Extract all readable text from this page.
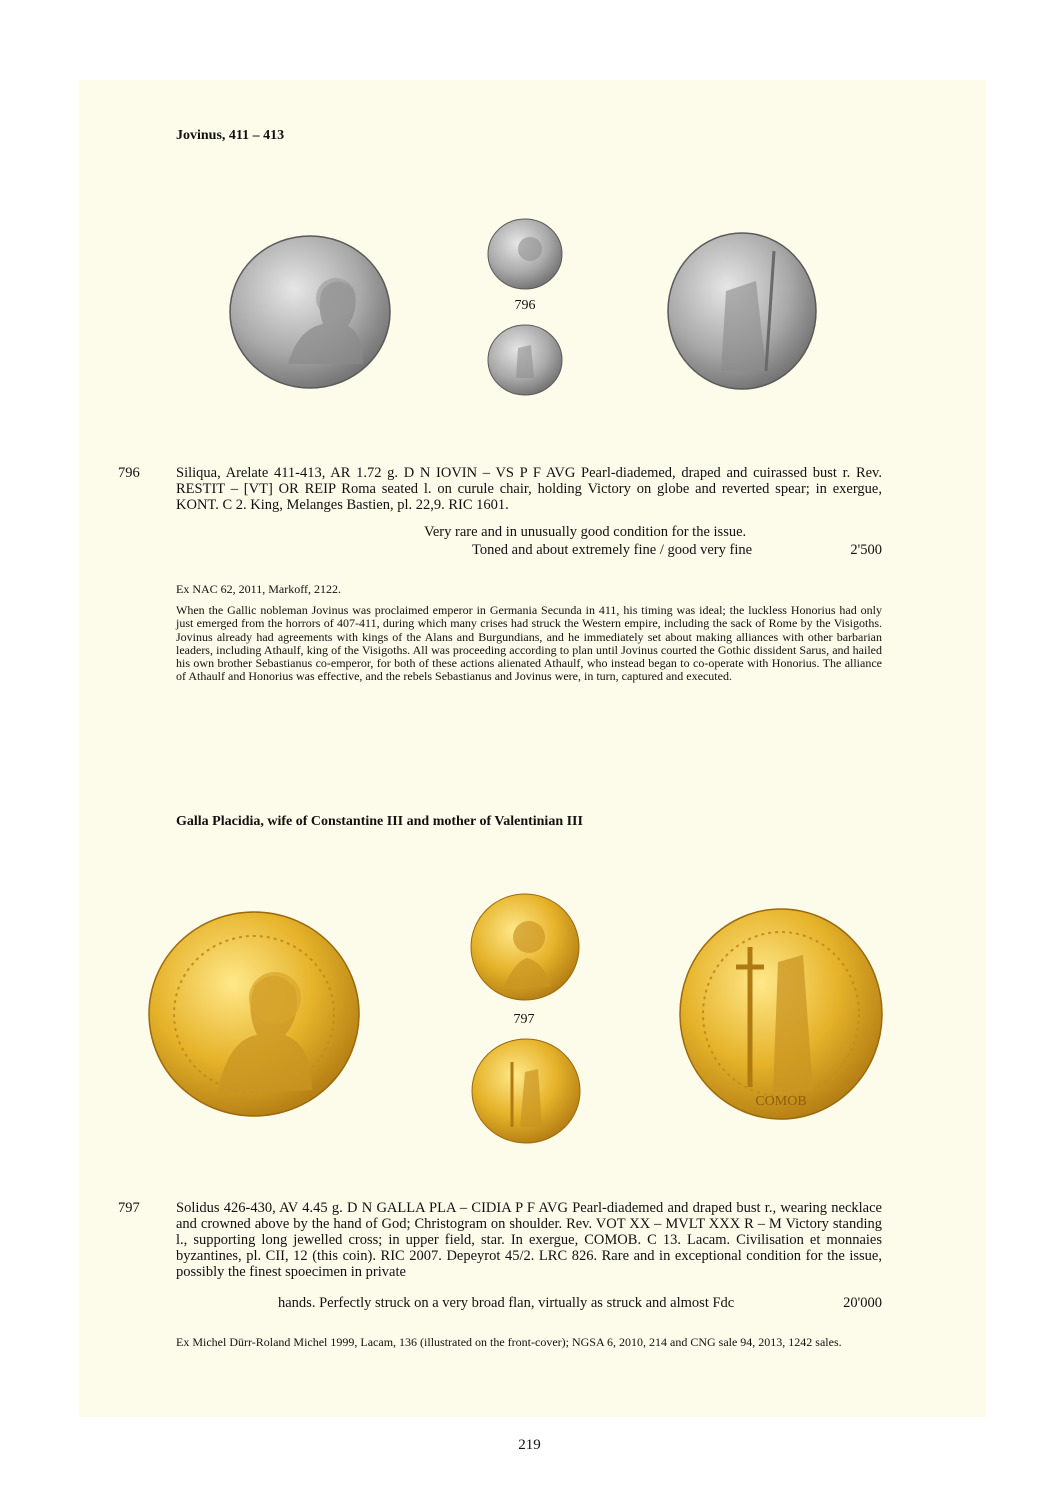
Jovinus, 411 – 413
796
796	Siliqua, Arelate 411-413, AR 1.72 g. D N IOVIN – VS P F AVG Pearl-diademed, draped and cuirassed bust r. Rev. RESTIT – [VT] OR REIP Roma seated l. on curule chair, holding Victory on globe and reverted spear; in exergue, KONT. C 2. King, Melanges Bastien, pl. 22,9. RIC 1601.
Very rare and in unusually good condition for the issue.
Toned and about extremely fine / good very fine	2'500
Ex NAC 62, 2011, Markoff, 2122.
When the Gallic nobleman Jovinus was proclaimed emperor in Germania Secunda in 411, his timing was ideal; the luckless Honorius had only just emerged from the horrors of 407-411, during which many crises had struck the Western empire, including the sack of Rome by the Visigoths. Jovinus already had agreements with kings of the Alans and Burgundians, and he immediately set about making alliances with other barbarian leaders, including Athaulf, king of the Visigoths. All was proceeding according to plan until Jovinus courted the Gothic dissident Sarus, and hailed his own brother Sebastianus co-emperor, for both of these actions alienated Athaulf, who instead began to co-operate with Honorius. The alliance of Athaulf and Honorius was effective, and the rebels Sebastianus and Jovinus were, in turn, captured and executed.
Galla Placidia, wife of Constantine III and mother of Valentinian III
797
COMOB
797	Solidus 426-430, AV 4.45 g. D N GALLA PLA – CIDIA P F AVG Pearl-diademed and draped bust r., wearing necklace and crowned above by the hand of God; Christogram on shoulder. Rev. VOT XX – MVLT XXX R – M Victory standing l., supporting long jewelled cross; in upper field, star. In exergue, COMOB. C 13. Lacam. Civilisation et monnaies byzantines, pl. CII, 12 (this coin). RIC 2007. Depeyrot 45/2. LRC 826. Rare and in exceptional condition for the issue, possibly the finest spoecimen in private
hands. Perfectly struck on a very broad flan, virtually as struck and almost Fdc	20'000
Ex Michel Dürr-Roland Michel 1999, Lacam, 136 (illustrated on the front-cover); NGSA 6, 2010, 214 and CNG sale 94, 2013, 1242 sales.
219
